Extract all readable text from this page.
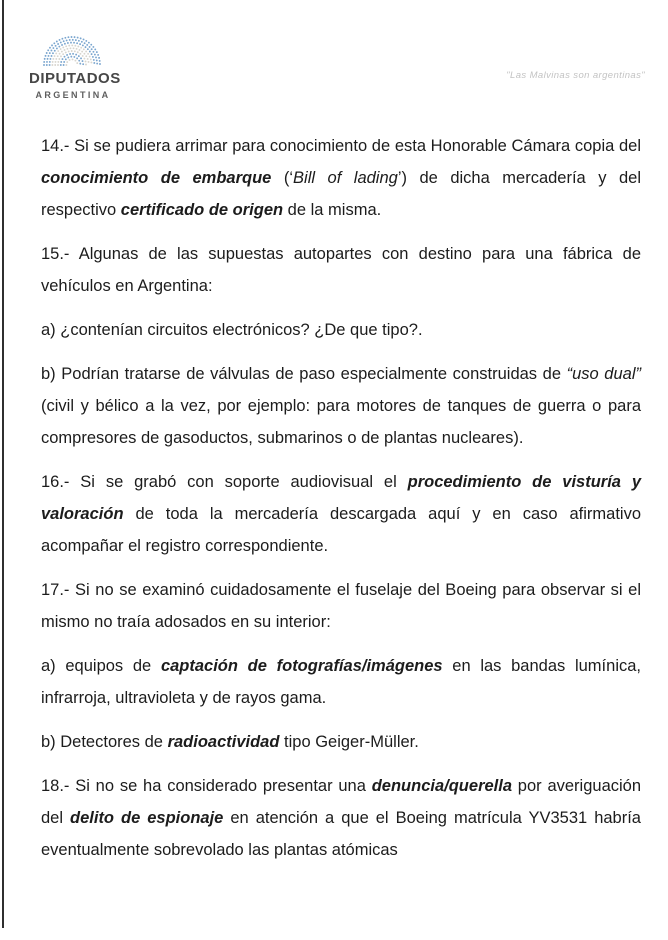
DIPUTADOS
ARGENTINA
"Las Malvinas son argentinas"

14.- Si se pudiera arrimar para conocimiento de esta Honorable Cámara copia del conocimiento de embarque (‘Bill of lading’) de dicha mercadería y del respectivo certificado de origen de la misma.

15.- Algunas de las supuestas autopartes con destino para una fábrica de vehículos en Argentina:

a) ¿contenían circuitos electrónicos? ¿De que tipo?.

b) Podrían tratarse de válvulas de paso especialmente construidas de “uso dual” (civil y bélico a la vez, por ejemplo: para motores de tanques de guerra o para compresores de gasoductos, submarinos o de plantas nucleares).

16.- Si se grabó con soporte audiovisual el procedimiento de visturía y valoración de toda la mercadería descargada aquí y en caso afirmativo acompañar el registro correspondiente.

17.- Si no se examinó cuidadosamente el fuselaje del Boeing para observar si el mismo no traía adosados en su interior:

a) equipos de captación de fotografías/imágenes en las bandas lumínica, infrarroja, ultravioleta y de rayos gama.

b) Detectores de radioactividad tipo Geiger-Müller.

18.- Si no se ha considerado presentar una denuncia/querella por averiguación del delito de espionaje en atención a que el Boeing matrícula YV3531 habría eventualmente sobrevolado las plantas atómicas
